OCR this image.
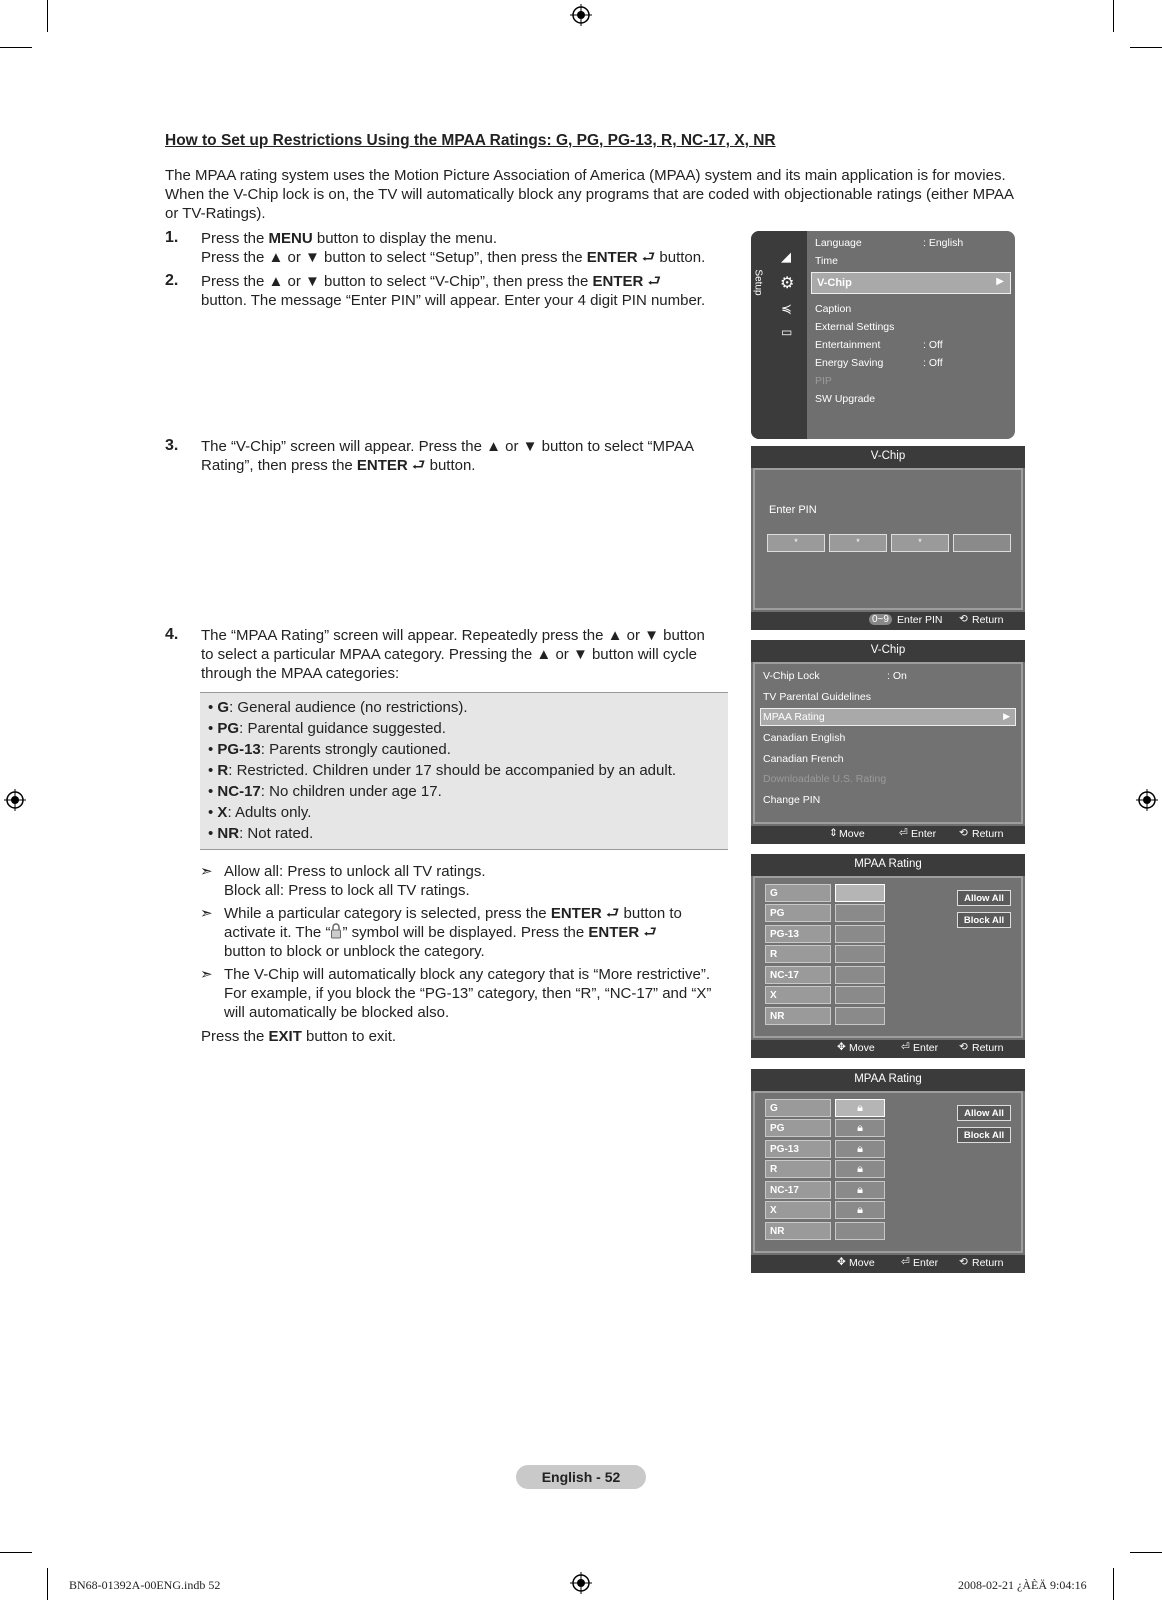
How to Set up Restrictions Using the MPAA Ratings: G, PG, PG-13, R, NC-17, X, NR
The MPAA rating system uses the Motion Picture Association of America (MPAA) system and its main application is for movies. When the V-Chip lock is on, the TV will automatically block any programs that are coded with objectionable ratings (either MPAA or TV-Ratings).
1. Press the MENU button to display the menu.
Press the ▲ or ▼ button to select “Setup”, then press the ENTER ⮐ button.
2. Press the ▲ or ▼ button to select “V-Chip”, then press the ENTER ⮐
button. The message “Enter PIN” will appear. Enter your 4 digit PIN number.
3. The “V-Chip” screen will appear. Press the ▲ or ▼ button to select “MPAA
Rating”, then press the ENTER ⮐ button.
4. The “MPAA Rating” screen will appear. Repeatedly press the ▲ or ▼ button
to select a particular MPAA category. Pressing the ▲ or ▼ button will cycle
through the MPAA categories:
• G: General audience (no restrictions).
• PG: Parental guidance suggested.
• PG-13: Parents strongly cautioned.
• R: Restricted. Children under 17 should be accompanied by an adult.
• NC-17: No children under age 17.
• X: Adults only.
• NR: Not rated.
➣ Allow all: Press to unlock all TV ratings.
Block all: Press to lock all TV ratings.
➣ While a particular category is selected, press the ENTER ⮐ button to
activate it. The “ ” symbol will be displayed. Press the ENTER ⮐
button to block or unblock the category.
➣ The V-Chip will automatically block any category that is “More restrictive”.
For example, if you block the “PG-13” category, then “R”, “NC-17” and “X”
will automatically be blocked also.
Press the EXIT button to exit.
Setup
◢
⚙
≼
▭
Language	: English
Time
V-Chip	▶
Caption
External Settings
Entertainment	: Off
Energy Saving	: Off
PIP
SW Upgrade
V-Chip
Enter PIN
*	*	*
0~9 Enter PIN ⟲ Return
V-Chip
V-Chip Lock	: On
TV Parental Guidelines
MPAA Rating	▶
Canadian English
Canadian French
Downloadable U.S. Rating
Change PIN
⇕ Move	⏎ Enter ⟲ Return
MPAA Rating
G
PG
PG-13
R
NC-17
X
NR
Allow All
Block All
✥ Move	⏎ Enter ⟲ Return
MPAA Rating
G	🔒︎
PG	🔒︎
PG-13	🔒︎
R	🔒︎
NC-17	🔒︎
X	🔒︎
NR
Allow All
Block All
✥ Move	⏎ Enter ⟲ Return
English - 52
BN68-01392A-00ENG.indb 52	2008-02-21 ¿ÀÈÄ 9:04:16
